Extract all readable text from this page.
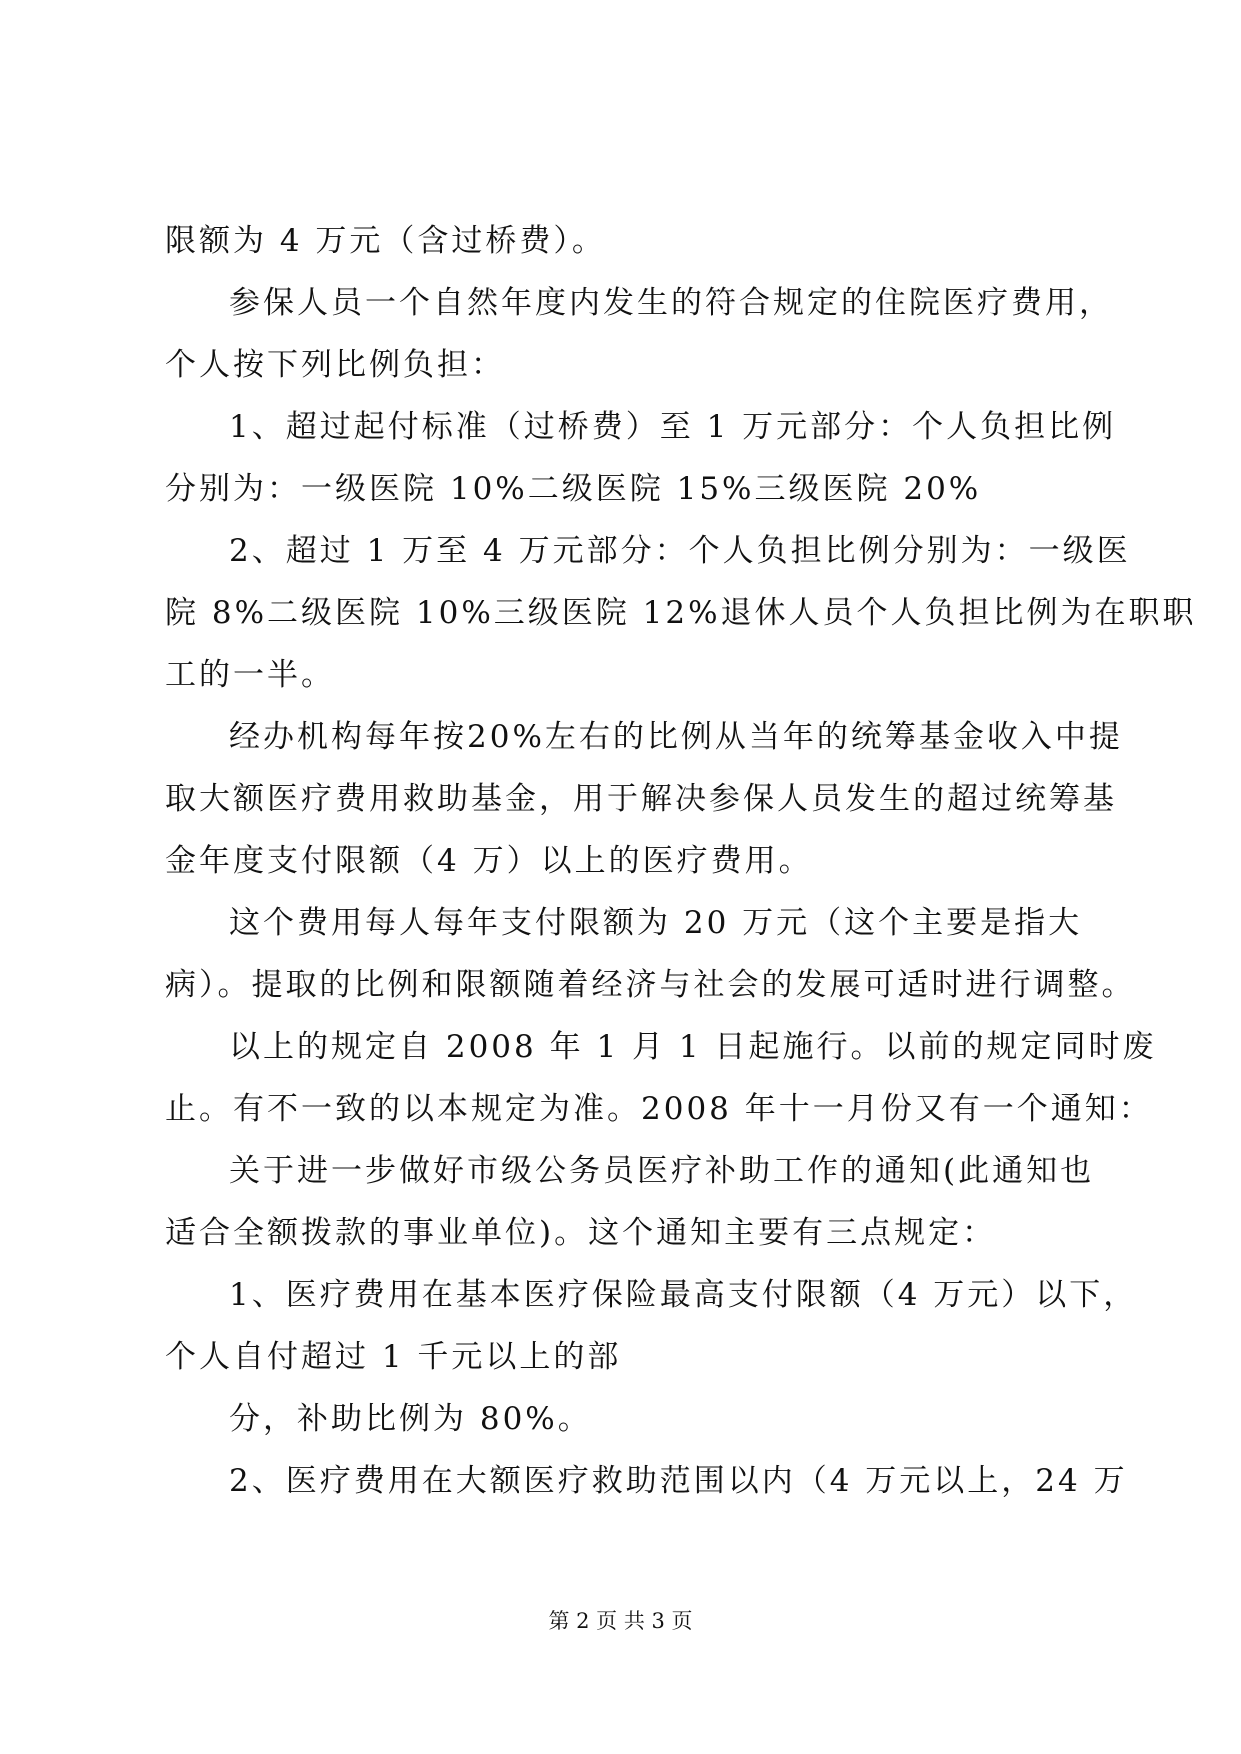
限额为 4 万元（含过桥费）。
参保人员一个自然年度内发生的符合规定的住院医疗费用，
个人按下列比例负担：
1、超过起付标准（过桥费）至 1 万元部分：个人负担比例
分别为：一级医院 10%二级医院 15%三级医院 20%
2、超过 1 万至 4 万元部分：个人负担比例分别为：一级医
院 8%二级医院 10%三级医院 12%退休人员个人负担比例为在职职
工的一半。
经办机构每年按20%左右的比例从当年的统筹基金收入中提
取大额医疗费用救助基金，用于解决参保人员发生的超过统筹基
金年度支付限额（4 万）以上的医疗费用。
这个费用每人每年支付限额为 20 万元（这个主要是指大
病）。提取的比例和限额随着经济与社会的发展可适时进行调整。
以上的规定自 2008 年 1 月 1 日起施行。以前的规定同时废
止。有不一致的以本规定为准。2008 年十一月份又有一个通知：
关于进一步做好市级公务员医疗补助工作的通知(此通知也
适合全额拨款的事业单位)。这个通知主要有三点规定：
1、医疗费用在基本医疗保险最高支付限额（4 万元）以下，
个人自付超过 1 千元以上的部
分，补助比例为 80%。
2、医疗费用在大额医疗救助范围以内（4 万元以上，24 万
第 2 页 共 3 页
